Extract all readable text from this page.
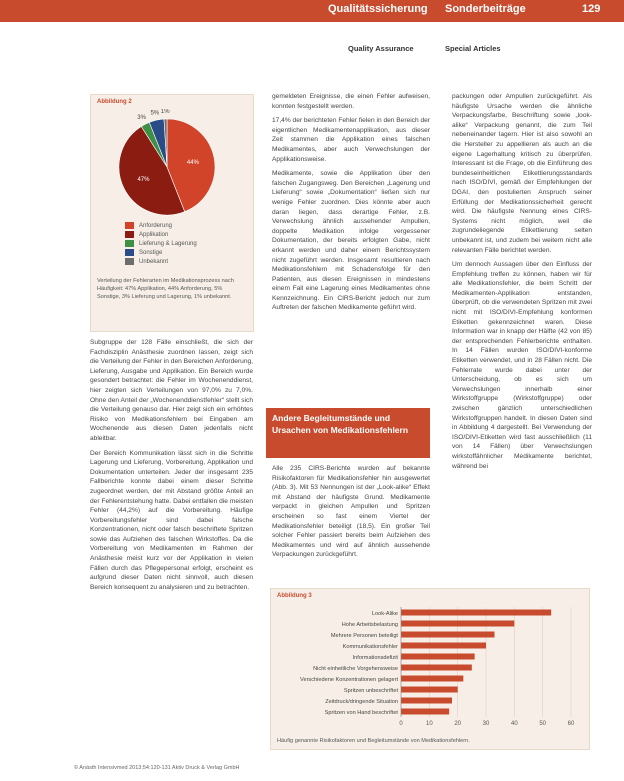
Qualitätssicherung Sonderbeiträge	129
Quality Assurance	Special Articles
Abbildung 2
44%
47%
3%
5% 1%
Anforderung
Applikation
Lieferung & Lagerung
Sonstige
Unbekannt
Verteilung der Fehlerarten im Medikationsprozess nach Häufigkeit: 47% Applikation, 44% Anforderung, 5% Sonstige, 3% Lieferung und Lagerung, 1% unbekannt.

Subgruppe der 128 Fälle einschließt, die sich der Fachdisziplin Anästhesie zuordnen lassen, zeigt sich die Verteilung der Fehler in den Bereichen Anforderung, Lieferung, Ausgabe und Applikation. Ein Bereich wurde gesondert betrachtet: die Fehler im Wochenenddienst, hier zeigten sich Verteilungen von 97,0% zu 7,0%. Ohne den Anteil der „Wochenenddienstfehler“ stellt sich die Verteilung genauso dar. Hier zeigt sich ein erhöhtes Risiko von Medikationsfehlern bei Eingaben am Wochenende aus diesen Daten jedenfalls nicht ableitbar.

Der Bereich Kommunikation lässt sich in die Schritte Lagerung und Lieferung, Vorbereitung, Applikation und Dokumentation unterteilen. Jeder der insgesamt 235 Fallberichte konnte dabei einem dieser Schritte zugeordnet werden, der mit Abstand größte Anteil an der Fehlerentstehung hatte. Dabei entfallen die meisten Fehler (44,2%) auf die Vorbereitung. Häufige Vorbereitungsfehler sind dabei falsche Konzentrationen, nicht oder falsch beschriftete Spritzen sowie das Aufziehen des falschen Wirkstoffes. Da die Vorbereitung von Medikamenten im Rahmen der Anästhesie meist kurz vor der Applikation in vielen Fällen durch das Pflegepersonal erfolgt, erscheint es aufgrund dieser Daten nicht sinnvoll, auch diesen Bereich konsequent zu analysieren und zu betrachten.

gemeldeten Ereignisse, die einen Fehler aufweisen, konnten festgestellt werden.

17,4% der berichteten Fehler fielen in den Bereich der eigentlichen Medikamentenapplikation, aus dieser Zeit stammen die Applikation eines falschen Medikamentes, aber auch Verwechslungen der Applikationsweise.

Medikamente, sowie die Applikation über den falschen Zugangsweg. Den Bereichen „Lagerung und Lieferung“ sowie „Dokumentation“ ließen sich nur wenige Fehler zuordnen. Dies könnte aber auch daran liegen, dass derartige Fehler, z.B. Verwechslung ähnlich aussehender Ampullen, doppelte Medikation infolge vergessener Dokumentation, der bereits erfolgten Gabe, nicht erkannt werden und daher einem Berichtssystem nicht zugeführt werden. Insgesamt resultieren nach Medikationsfehlern mit Schadensfolge für den Patienten, aus diesen Ereignissen in mindestens einem Fall eine Lagerung eines Medikamentes ohne Kennzeichnung. Ein CIRS-Bericht jedoch nur zum Auftreten der falschen Medikamente geführt wird.

Andere Begleitumstände und Ursachen von Medikationsfehlern

Alle 235 CIRS-Berichte wurden auf bekannte Risikofaktoren für Medikationsfehler hin ausgewertet (Abb. 3). Mit 53 Nennungen ist der „Look-alike“ Effekt mit Abstand der häufigste Grund. Medikamente verpackt in gleichen Ampullen und Spritzen erscheinen so fast einem Viertel der Medikationsfehler beteiligt (18,5). Ein großer Teil solcher Fehler passiert bereits beim Aufziehen des Medikamentes und wird auf ähnlich aussehende Verpackungen zurückgeführt.

packungen oder Ampullen zurückgeführt. Als häufigste Ursache werden die ähnliche Verpackungsfarbe, Beschriftung sowie „look-alike“ Verpackung genannt, die zum Teil nebeneinander lagern. Hier ist also sowohl an die Hersteller zu appellieren als auch an die eigene Lagerhaltung kritisch zu überprüfen. Interessant ist die Frage, ob die Einführung des bundeseinheitlichen Etikettierungsstandards nach ISO/DIVI, gemäß der Empfehlungen der DGAI, den postulierten Anspruch seiner Erfüllung der Medikationssicherheit gerecht wird. Die häufigste Nennung eines CIRS-Systems nicht möglich, weil die zugrundeliegende Etikettierung selten unbekannt ist, und zudem bei weitem nicht alle relevanten Fälle berichtet werden.

Um dennoch Aussagen über den Einfluss der Empfehlung treffen zu können, haben wir für alle Medikationsfehler, die beim Schritt der Medikamenten-Applikation entstanden, überprüft, ob die verwendeten Spritzen mit zwei nicht mit ISO/DIVI-Empfehlung konformen Etiketten gekennzeichnet waren. Diese Information war in knapp der Hälfte (42 von 85) der entsprechenden Fehlerberichte enthalten. In 14 Fällen wurden ISO/DIVI-konforme Etiketten verwendet, und in 28 Fällen nicht. Die Fehlerrate wurde dabei unter der Unterscheidung, ob es sich um Verwechslungen innerhalb einer Wirkstoffgruppe (Wirkstoffgruppe) oder zwischen gänzlich unterschiedlichen Wirkstoffgruppen handelt. In diesen Daten sind in Abbildung 4 dargestellt. Bei Verwendung der ISO/DIVI-Etiketten wird fast ausschließlich (11 von 14 Fällen) über Verwechslungen wirkstoffähnlicher Medikamente berichtet, während bei

Abbildung 3
0	10	20	30	40	50	60
Look-Alike
Hohe Arbeitsbelastung
Mehrere Personen beteiligt
Kommunikationsfehler
Informationsdefizit
Nicht einheitliche Vorgehensweise
Verschiedene Konzentrationen gelagert
Spritzen unbeschriftet
Zeitdruck/dringende Situation
Spritzen von Hand beschriftet
Häufig genannte Risikofaktoren und Begleitumstände von Medikationsfehlern.
© Anästh Intensivmed 2013;54:120-131 Aktiv Druck & Verlag GmbH
